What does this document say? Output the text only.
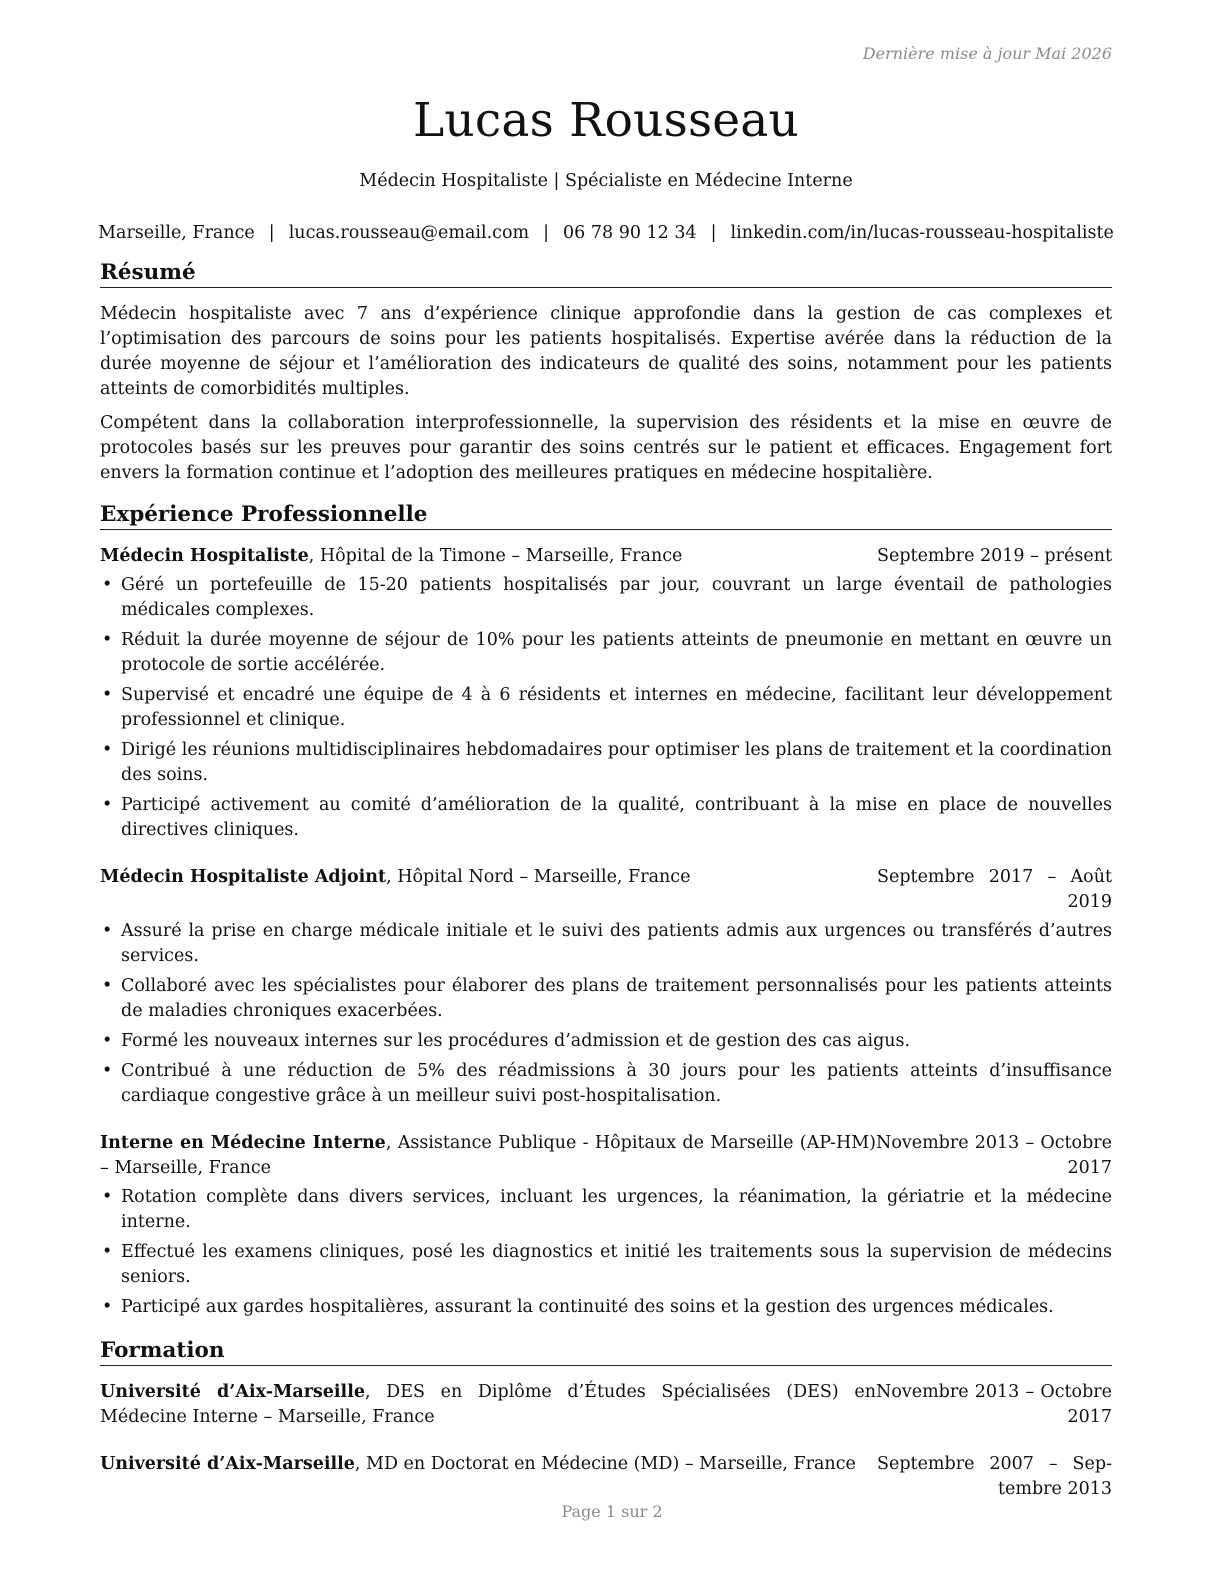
Dernière mise à jour Mai 2026
Lucas Rousseau
Médecin Hospitaliste | Spécialiste en Médecine Interne
Marseille, France | lucas.rousseau@email.com | 06 78 90 12 34 | linkedin.com/in/lucas-rousseau-hospitaliste
Résumé

Médecin hospitaliste avec 7 ans d’expérience clinique approfondie dans la gestion de cas complexes et l’optimisation des parcours de soins pour les patients hospitalisés. Expertise avérée dans la réduction de la durée moyenne de séjour et l’amélioration des indicateurs de qualité des soins, notamment pour les patients atteints de comorbidités multiples.

Compétent dans la collaboration interprofessionnelle, la supervision des résidents et la mise en œuvre de protocoles basés sur les preuves pour garantir des soins centrés sur le patient et efficaces. Engagement fort envers la formation continue et l’adoption des meilleures pratiques en médecine hospitalière.

Expérience Professionnelle
Médecin Hospitaliste, Hôpital de la Timone – Marseille, France	Septembre 2019 – présent
• Géré un portefeuille de 15-20 patients hospitalisés par jour, couvrant un large éventail de pathologies médicales complexes.
• Réduit la durée moyenne de séjour de 10% pour les patients atteints de pneumonie en mettant en œuvre un protocole de sortie accélérée.
• Supervisé et encadré une équipe de 4 à 6 résidents et internes en médecine, facilitant leur développement professionnel et clinique.
• Dirigé les réunions multidisciplinaires hebdomadaires pour optimiser les plans de traitement et la coordination des soins.
• Participé activement au comité d’amélioration de la qualité, contribuant à la mise en place de nouvelles directives cliniques.
Médecin Hospitaliste Adjoint, Hôpital Nord – Marseille, France	Septembre 2017 – Août 2019
• Assuré la prise en charge médicale initiale et le suivi des patients admis aux urgences ou transférés d’autres services.
• Collaboré avec les spécialistes pour élaborer des plans de traitement personnalisés pour les patients atteints de maladies chroniques exacerbées.
• Formé les nouveaux internes sur les procédures d’admission et de gestion des cas aigus.
• Contribué à une réduction de 5% des réadmissions à 30 jours pour les patients atteints d’insuffisance cardiaque congestive grâce à un meilleur suivi post-hospitalisation.
Interne en Médecine Interne, Assistance Publique - Hôpitaux de Marseille (AP-HM) – Marseille, France
Novembre 2013 – Octobre 2017
• Rotation complète dans divers services, incluant les urgences, la réanimation, la gériatrie et la médecine interne.
• Effectué les examens cliniques, posé les diagnostics et initié les traitements sous la supervision de médecins seniors.
• Participé aux gardes hospitalières, assurant la continuité des soins et la gestion des urgences médicales.
Formation
Université d’Aix-Marseille, DES en Diplôme d’Études Spécialisées (DES) en Médecine Interne – Marseille, France
Novembre 2013 – Octobre 2017
Université d’Aix-Marseille, MD en Doctorat en Médecine (MD) – Marseille, France	Septembre 2007 – Septembre 2013
Page 1 sur 2
